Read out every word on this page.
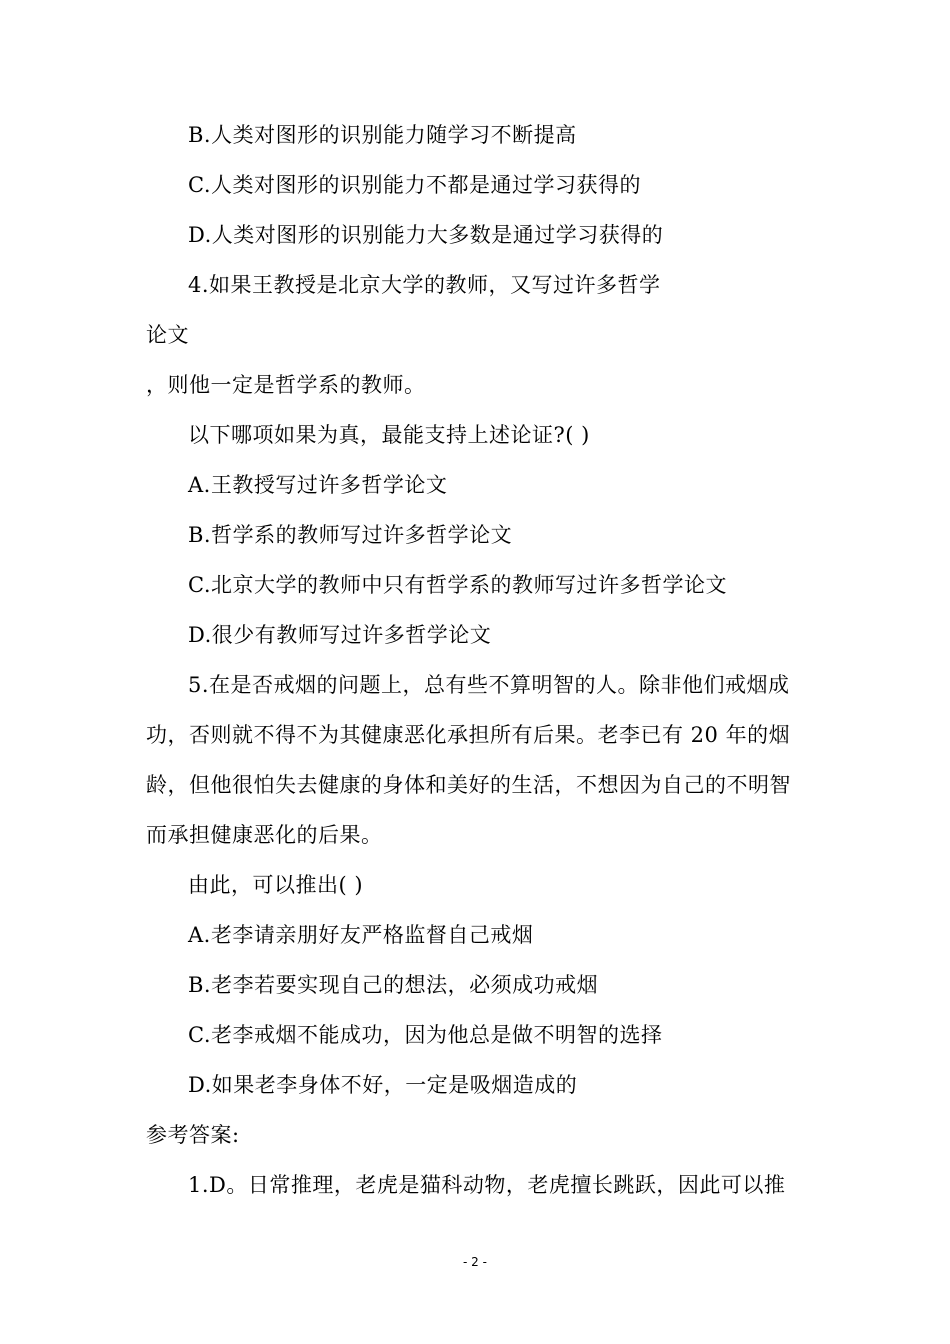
B.人类对图形的识别能力随学习不断提高
C.人类对图形的识别能力不都是通过学习获得的
D.人类对图形的识别能力大多数是通过学习获得的
4.如果王教授是北京大学的教师，又写过许多哲学
论文
，则他一定是哲学系的教师。
以下哪项如果为真，最能支持上述论证?( )
A.王教授写过许多哲学论文
B.哲学系的教师写过许多哲学论文
C.北京大学的教师中只有哲学系的教师写过许多哲学论文
D.很少有教师写过许多哲学论文
5.在是否戒烟的问题上，总有些不算明智的人。除非他们戒烟成
功，否则就不得不为其健康恶化承担所有后果。老李已有 20 年的烟
龄，但他很怕失去健康的身体和美好的生活，不想因为自己的不明智
而承担健康恶化的后果。
由此，可以推出( )
A.老李请亲朋好友严格监督自己戒烟
B.老李若要实现自己的想法，必须成功戒烟
C.老李戒烟不能成功，因为他总是做不明智的选择
D.如果老李身体不好，一定是吸烟造成的
参考答案:
1.D。日常推理，老虎是猫科动物，老虎擅长跳跃，因此可以推
- 2 -
